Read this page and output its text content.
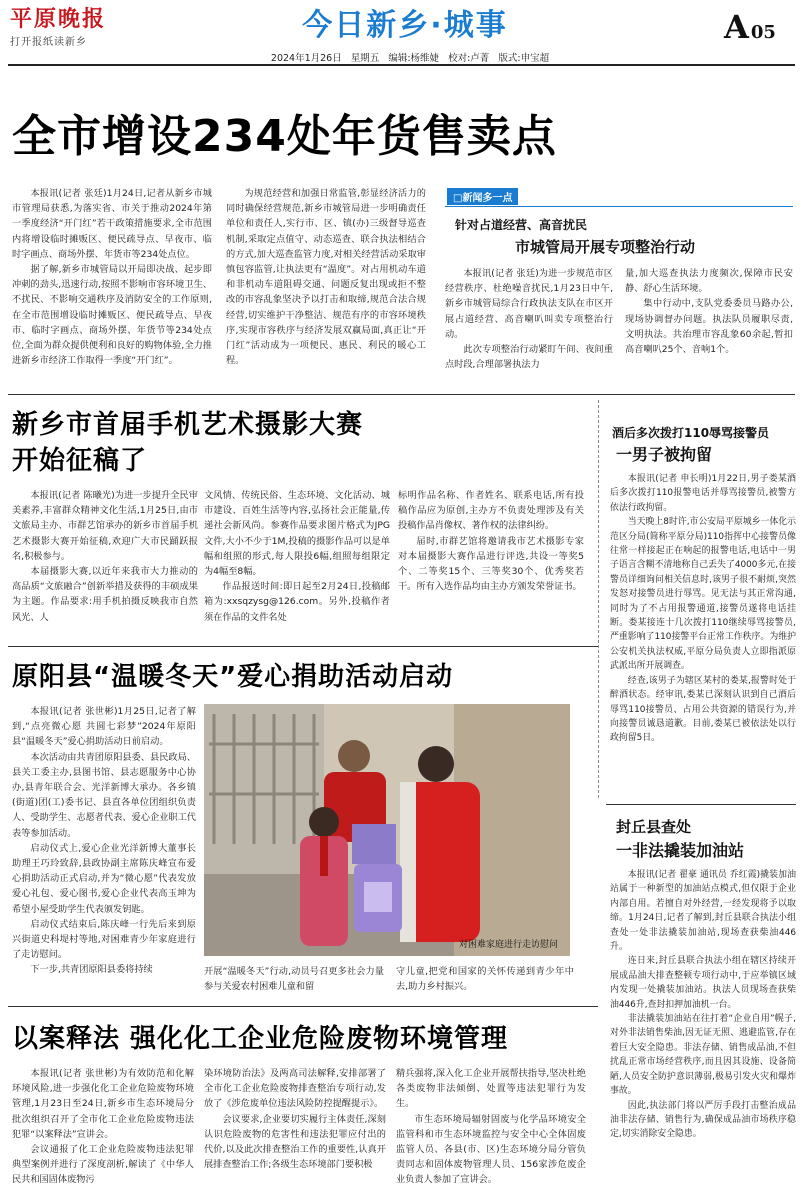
平原晚报
打开报纸读新乡	今日新乡·城事	A 05
2024年1月26日   星期五   编辑:杨维婕   校对:卢菁   版式:申宝超
全市增设234处年货售卖点

本报讯(记者 张廷)1月24日,记者从新乡市城市管理局获悉,为落实省、市关于推动2024年第一季度经济“开门红”若干政策措施要求,全市范围内将增设临时摊贩区、便民疏导点、早夜市、临时字画点、商场外摆、年货市等234处点位。

据了解,新乡市城管局以开局即决战、起步即冲刺的劲头,迅速行动,按照不影响市容环境卫生、不扰民、不影响交通秩序及消防安全的工作原则,在全市范围增设临时摊贩区、便民疏导点、早夜市、临时字画点、商场外摆、年货节等234处点位,全面为群众提供便利和良好的购物体验,全力推进新乡市经济工作取得一季度“开门红”。

为规范经营和加强日常监管,彰显经济活力的同时确保经营规范,新乡市城管局进一步明确责任单位和责任人,实行市、区、镇(办)三级督导巡查机制,采取定点值守、动态巡查、联合执法相结合的方式,加大巡查监管力度,对相关经营活动采取审慎包容监管,让执法更有“温度”。对占用机动车道和非机动车道阻碍交通、问题反复出现或拒不整改的市容乱象坚决予以打击和取缔,规范合法合规经营,切实维护干净整洁、规范有序的市容环境秩序,实现市容秩序与经济发展双赢局面,真正让“开门红”活动成为一项便民、惠民、利民的暖心工程。

□新闻多一点
针对占道经营、高音扰民
市城管局开展专项整治行动

本报讯(记者 张廷)为进一步规范市区经营秩序、杜绝噪音扰民,1月23日中午,新乡市城管局综合行政执法支队在市区开展占道经营、高音喇叭叫卖专项整治行动。

此次专项整治行动紧盯午间、夜间重点时段,合理部署执法力

量,加大巡查执法力度频次,保障市民安静、舒心生活环境。

集中行动中,支队党委委员马路办公,现场协调督办问题。执法队员履职尽责,文明执法。共治理市容乱象60余起,暂扣高音喇叭25个、音响1个。

新乡市首届手机艺术摄影大赛
开始征稿了

本报讯(记者 陈曦光)为进一步提升全民审美素养,丰富群众精神文化生活,1月25日,由市文旅局主办、市群艺馆承办的新乡市首届手机艺术摄影大赛开始征稿,欢迎广大市民踊跃报名,积极参与。

本届摄影大赛,以近年来我市大力推动的高品质“文旅融合”创新举措及获得的丰硕成果为主题。作品要求:用手机拍摄反映我市自然风光、人

文风情、传统民俗、生态环境、文化活动、城市建设、百姓生活等内容,弘扬社会正能量,传递社会新风尚。参赛作品要求图片格式为JPG文件,大小不少于1M,投稿的摄影作品可以是单幅和组照的形式,每人限投6幅,组照每组限定为4幅至8幅。

作品报送时间:即日起至2月24日,投稿邮箱为:xxsqzysg@126.com。另外,投稿作者须在作品的文件名处

标明作品名称、作者姓名、联系电话,所有投稿作品应为原创,主办方不负责处理涉及有关投稿作品肖像权、著作权的法律纠纷。

届时,市群艺馆将邀请我市艺术摄影专家对本届摄影大赛作品进行评选,共设一等奖5个、二等奖15个、三等奖30个、优秀奖若干。所有入选作品均由主办方颁发荣誉证书。

酒后多次拨打110辱骂接警员
一男子被拘留

本报讯(记者 申长明)1月22日,男子娄某酒后多次拨打110报警电话并辱骂接警员,被警方依法行政拘留。

当天晚上8时许,市公安局平原城乡一体化示范区分局(简称平原分局)110指挥中心接警员像往常一样接起正在响起的报警电话,电话中一男子语言含糊不清地称自己丢失了4000多元,在接警员详细询问相关信息时,该男子很不耐烦,突然发怒对接警员进行辱骂。见无法与其正常沟通,同时为了不占用报警通道,接警员遂将电话挂断。娄某接连十几次拨打110继续辱骂接警员,严重影响了110接警平台正常工作秩序。为维护公安机关执法权威,平原分局负责人立即指派原武派出所开展调查。

经查,该男子为辖区某村的娄某,报警时处于醉酒状态。经审讯,娄某已深刻认识到自己酒后辱骂110接警员、占用公共资源的错误行为,并向接警员诚恳道歉。目前,娄某已被依法处以行政拘留5日。

原阳县“温暖冬天”爱心捐助活动启动

本报讯(记者 张世彬)1月25日,记者了解到,“点亮微心愿 共圆七彩梦”2024年原阳县“温暖冬天”爱心捐助活动日前启动。

本次活动由共青团原阳县委、县民政局、县关工委主办,县图书馆、县志愿服务中心协办,县青年联合会、光洋新博大承办。各乡镇(街道)团(工)委书记、县直各单位团组织负责人、受助学生、志愿者代表、爱心企业职工代表等参加活动。

启动仪式上,爱心企业光洋新博大董事长助理王巧玲致辞,县政协副主席陈庆峰宣布爱心捐助活动正式启动,并为“微心愿”代表发放爱心礼包、爱心图书,爱心企业代表高玉坤为希望小屋受助学生代表颁发钥匙。

启动仪式结束后,陈庆峰一行先后来到原兴街道史科堤村等地,对困难青少年家庭进行了走访慰问。

下一步,共青团原阳县委将持续

对困难家庭进行走访慰问

开展“温暖冬天”行动,动员号召更多社会力量参与关爱农村困难儿童和留

守儿童,把党和国家的关怀传递到青少年中去,助力乡村振兴。

封丘县查处
一非法撬装加油站

本报讯(记者 翟豪 通讯员 乔红霞)撬装加油站属于一种新型的加油站点模式,但仅限于企业内部自用。若擅自对外经营,一经发现将予以取缔。1月24日,记者了解到,封丘县联合执法小组查处一处非法撬装加油站,现场查获柴油446升。

连日来,封丘县联合执法小组在辖区持续开展成品油大排查整顿专项行动中,于应举镇区域内发现一处撬装加油站。执法人员现场查获柴油446升,查封扣押加油机一台。

非法撬装加油站在往打着“企业自用”幌子,对外非法销售柴油,因无证无照、逃避监管,存在着巨大安全隐患。非法存储、销售成品油,不但扰乱正常市场经营秩序,而且因其设施、设备简陋,人员安全防护意识薄弱,极易引发火灾和爆炸事故。

因此,执法部门将以严厉手段打击整治成品油非法存储、销售行为,确保成品油市场秩序稳定,切实消除安全隐患。

以案释法 强化化工企业危险废物环境管理

本报讯(记者 张世彬)为有效防范和化解环境风险,进一步强化化工企业危险废物环境管理,1月23日至24日,新乡市生态环境局分批次组织召开了全市化工企业危险废物违法犯罪“以案释法”宣讲会。

会议通报了化工企业危险废物违法犯罪典型案例并进行了深度剖析,解读了《中华人民共和国固体废物污

染环境防治法》及两高司法解释,安排部署了全市化工企业危险废物排查整治专项行动,发放了《涉危废单位违法风险防控提醒提示》。

会议要求,企业要切实履行主体责任,深刻认识危险废物的危害性和违法犯罪应付出的代价,以及此次排查整治工作的重要性,认真开展排查整治工作;各级生态环境部门要积极

精兵强将,深入化工企业开展帮扶指导,坚决杜绝各类废物非法倾倒、处置等违法犯罪行为发生。

市生态环境局辐射固废与化学品环境安全监管科和市生态环境监控与安全中心全体固废监管人员、各县(市、区)生态环境分局分管负责同志和固体废物管理人员、156家涉危废企业负责人参加了宣讲会。
